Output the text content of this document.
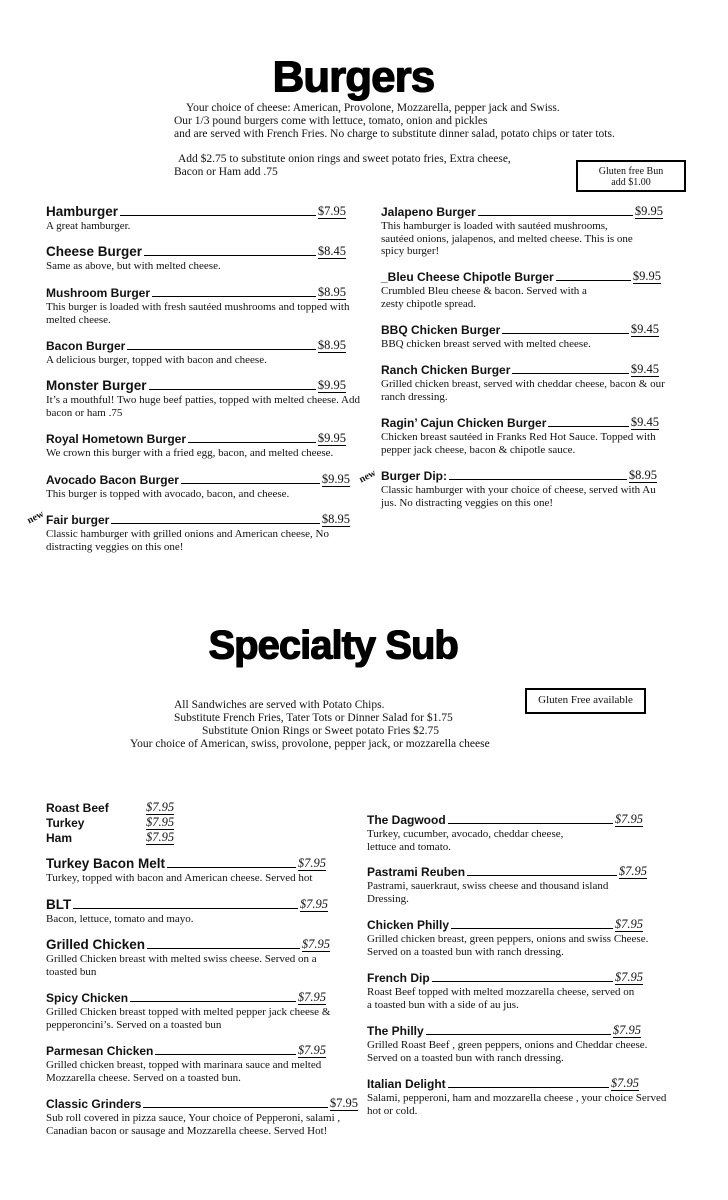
Burgers
Your choice of cheese: American, Provolone, Mozzarella, pepper jack and Swiss.
Our 1/3 pound burgers come with lettuce, tomato, onion and pickles
and are served with French Fries. No charge to substitute dinner salad, potato chips or tater tots.
Add $2.75 to substitute onion rings and sweet potato fries, Extra cheese,
Bacon or Ham add .75	Gluten free Bun
add $1.00
Hamburger	$7.95
A great hamburger.
Cheese Burger	$8.45
Same as above, but with melted cheese.
Mushroom Burger	$8.95
This burger is loaded with fresh sautéed mushrooms and topped with melted cheese.
Bacon Burger	$8.95
A delicious burger, topped with bacon and cheese.
Monster Burger	$9.95
It’s a mouthful! Two huge beef patties, topped with melted cheese. Add bacon or ham .75
Royal Hometown Burger	$9.95
We crown this burger with a fried egg, bacon, and melted cheese.
Avocado Bacon Burger	$9.95
This burger is topped with avocado, bacon, and cheese.
new Fair burger	$8.95
Classic hamburger with grilled onions and American cheese, No distracting veggies on this one!
Jalapeno Burger	$9.95
This hamburger is loaded with sautéed mushrooms, sautéed onions, jalapenos, and melted cheese. This is one spicy burger!
_Bleu Cheese Chipotle Burger	$9.95
Crumbled Bleu cheese & bacon. Served with a zesty chipotle spread.
BBQ Chicken Burger	$9.45
BBQ chicken breast served with melted cheese.
Ranch Chicken Burger	$9.45
Grilled chicken breast, served with cheddar cheese, bacon & our ranch dressing.
Ragin’ Cajun Chicken Burger	$9.45
Chicken breast sautéed in Franks Red Hot Sauce. Topped with pepper jack cheese, bacon & chipotle sauce.
new Burger Dip:	$8.95
Classic hamburger with your choice of cheese, served with Au jus. No distracting veggies on this one!
Specialty Sub
All Sandwiches are served with Potato Chips.
Substitute French Fries, Tater Tots or Dinner Salad for $1.75
Substitute Onion Rings or Sweet potato Fries $2.75
Your choice of American, swiss, provolone, pepper jack, or mozzarella cheese
Gluten Free available
Roast Beef	$7.95
Turkey	$7.95
Ham	$7.95
Turkey Bacon Melt	$7.95
Turkey, topped with bacon and American cheese. Served hot
BLT	$7.95
Bacon, lettuce, tomato and mayo.
Grilled Chicken	$7.95
Grilled Chicken breast with melted swiss cheese. Served on a toasted bun
Spicy Chicken	$7.95
Grilled Chicken breast topped with melted pepper jack cheese & pepperoncini’s. Served on a toasted bun
Parmesan Chicken	$7.95
Grilled chicken breast, topped with marinara sauce and melted Mozzarella cheese. Served on a toasted bun.
Classic Grinders	$7.95
Sub roll covered in pizza sauce, Your choice of Pepperoni, salami , Canadian bacon or sausage and Mozzarella cheese. Served Hot!
The Dagwood	$7.95
Turkey, cucumber, avocado, cheddar cheese, lettuce and tomato.
Pastrami Reuben	$7.95
Pastrami, sauerkraut, swiss cheese and thousand island Dressing.
Chicken Philly	$7.95
Grilled chicken breast, green peppers, onions and swiss Cheese. Served on a toasted bun with ranch dressing.
French Dip	$7.95
Roast Beef topped with melted mozzarella cheese, served on a toasted bun with a side of au jus.
The Philly	$7.95
Grilled Roast Beef , green peppers, onions and Cheddar cheese. Served on a toasted bun with ranch dressing.
Italian Delight	$7.95
Salami, pepperoni, ham and mozzarella cheese , your choice Served hot or cold.
